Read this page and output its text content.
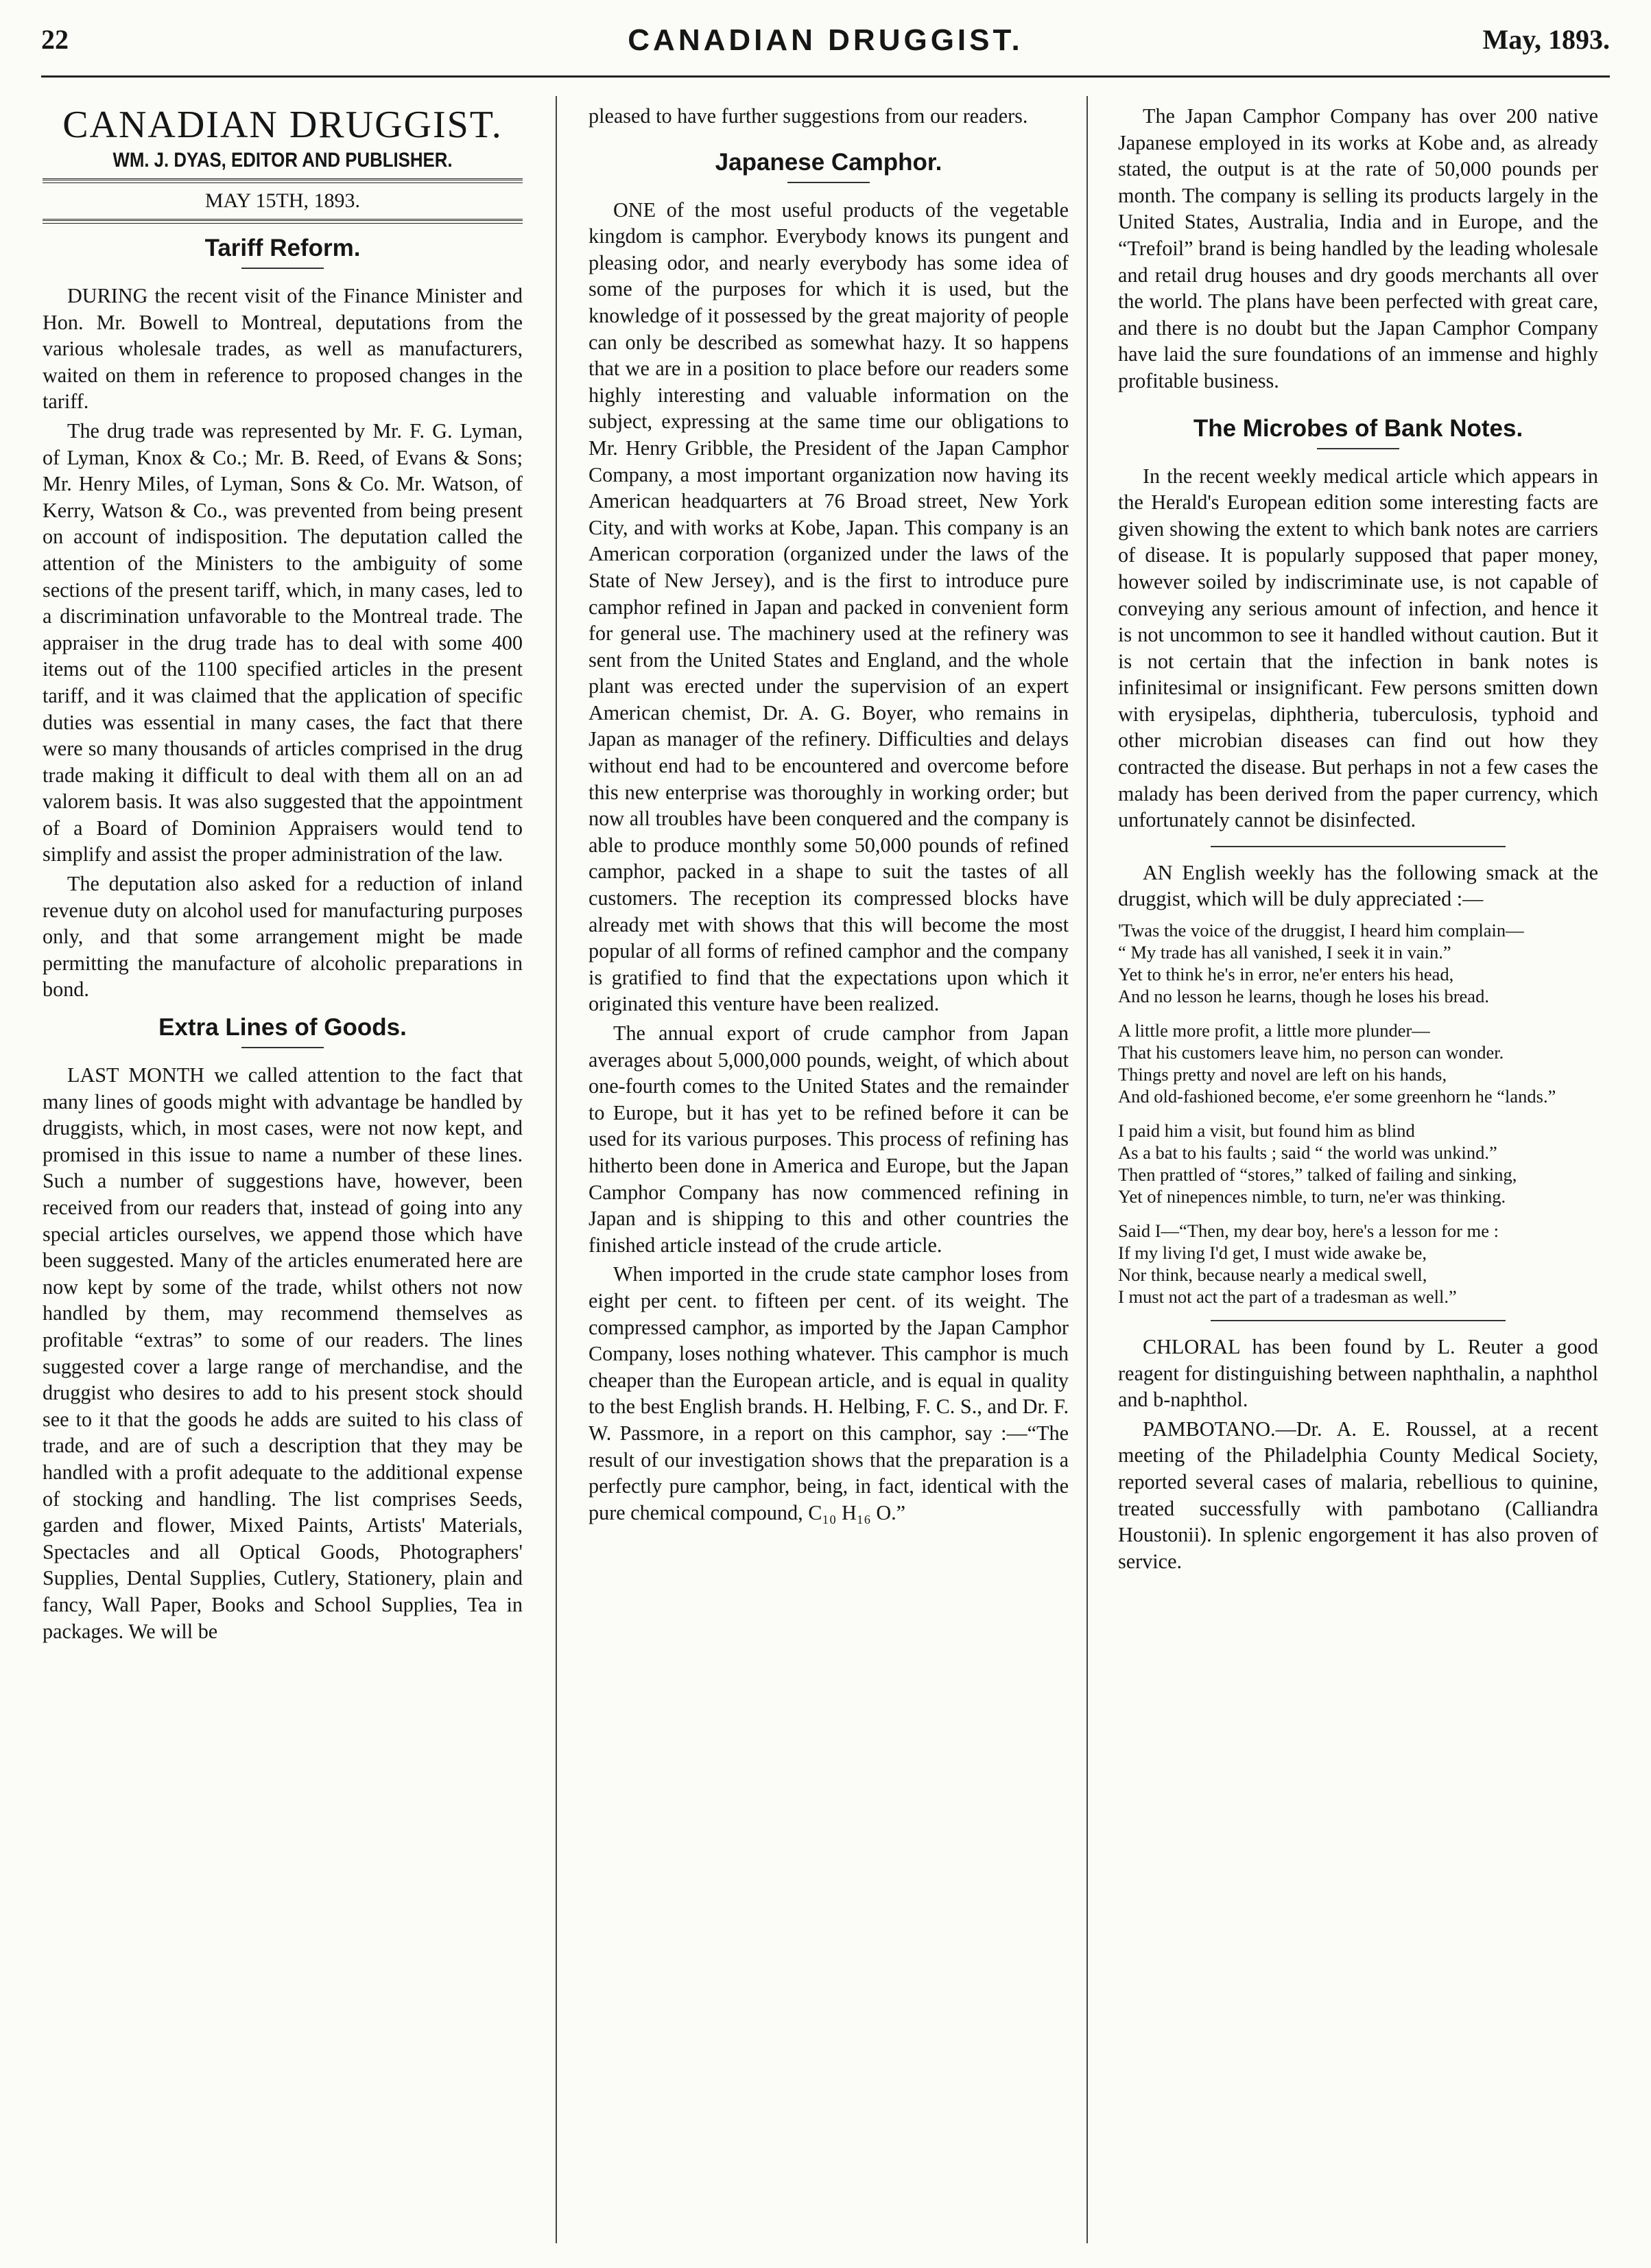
22	CANADIAN DRUGGIST.	May, 1893.
CANADIAN DRUGGIST.
WM. J. DYAS, EDITOR AND PUBLISHER.
MAY 15TH, 1893.
Tariff Reform.

DURING the recent visit of the Finance Minister and Hon. Mr. Bowell to Montreal, deputations from the various wholesale trades, as well as manufacturers, waited on them in reference to proposed changes in the tariff.

The drug trade was represented by Mr. F. G. Lyman, of Lyman, Knox & Co.; Mr. B. Reed, of Evans & Sons; Mr. Henry Miles, of Lyman, Sons & Co. Mr. Watson, of Kerry, Watson & Co., was prevented from being present on account of indisposition. The deputation called the attention of the Ministers to the ambiguity of some sections of the present tariff, which, in many cases, led to a discrimination unfavorable to the Montreal trade. The appraiser in the drug trade has to deal with some 400 items out of the 1100 specified articles in the present tariff, and it was claimed that the application of specific duties was essential in many cases, the fact that there were so many thousands of articles comprised in the drug trade making it difficult to deal with them all on an ad valorem basis. It was also suggested that the appointment of a Board of Dominion Appraisers would tend to simplify and assist the proper administration of the law.

The deputation also asked for a reduction of inland revenue duty on alcohol used for manufacturing purposes only, and that some arrangement might be made permitting the manufacture of alcoholic preparations in bond.

Extra Lines of Goods.

LAST MONTH we called attention to the fact that many lines of goods might with advantage be handled by druggists, which, in most cases, were not now kept, and promised in this issue to name a number of these lines. Such a number of suggestions have, however, been received from our readers that, instead of going into any special articles ourselves, we append those which have been suggested. Many of the articles enumerated here are now kept by some of the trade, whilst others not now handled by them, may recommend themselves as profitable “extras” to some of our readers. The lines suggested cover a large range of merchandise, and the druggist who desires to add to his present stock should see to it that the goods he adds are suited to his class of trade, and are of such a description that they may be handled with a profit adequate to the additional expense of stocking and handling. The list comprises Seeds, garden and flower, Mixed Paints, Artists' Materials, Spectacles and all Optical Goods, Photographers' Supplies, Dental Supplies, Cutlery, Stationery, plain and fancy, Wall Paper, Books and School Supplies, Tea in packages. We will be

pleased to have further suggestions from our readers.

Japanese Camphor.

ONE of the most useful products of the vegetable kingdom is camphor. Everybody knows its pungent and pleasing odor, and nearly everybody has some idea of some of the purposes for which it is used, but the knowledge of it possessed by the great majority of people can only be described as somewhat hazy. It so happens that we are in a position to place before our readers some highly interesting and valuable information on the subject, expressing at the same time our obligations to Mr. Henry Gribble, the President of the Japan Camphor Company, a most important organization now having its American headquarters at 76 Broad street, New York City, and with works at Kobe, Japan. This company is an American corporation (organized under the laws of the State of New Jersey), and is the first to introduce pure camphor refined in Japan and packed in convenient form for general use. The machinery used at the refinery was sent from the United States and England, and the whole plant was erected under the supervision of an expert American chemist, Dr. A. G. Boyer, who remains in Japan as manager of the refinery. Difficulties and delays without end had to be encountered and overcome before this new enterprise was thoroughly in working order; but now all troubles have been conquered and the company is able to produce monthly some 50,000 pounds of refined camphor, packed in a shape to suit the tastes of all customers. The reception its compressed blocks have already met with shows that this will become the most popular of all forms of refined camphor and the company is gratified to find that the expectations upon which it originated this venture have been realized.

The annual export of crude camphor from Japan averages about 5,000,000 pounds, weight, of which about one-fourth comes to the United States and the remainder to Europe, but it has yet to be refined before it can be used for its various purposes. This process of refining has hitherto been done in America and Europe, but the Japan Camphor Company has now commenced refining in Japan and is shipping to this and other countries the finished article instead of the crude article.

When imported in the crude state camphor loses from eight per cent. to fifteen per cent. of its weight. The compressed camphor, as imported by the Japan Camphor Company, loses nothing whatever. This camphor is much cheaper than the European article, and is equal in quality to the best English brands. H. Helbing, F. C. S., and Dr. F. W. Passmore, in a report on this camphor, say :—“The result of our investigation shows that the preparation is a perfectly pure camphor, being, in fact, identical with the pure chemical compound, C₁₀ H₁₆ O.”

The Japan Camphor Company has over 200 native Japanese employed in its works at Kobe and, as already stated, the output is at the rate of 50,000 pounds per month. The company is selling its products largely in the United States, Australia, India and in Europe, and the “Trefoil” brand is being handled by the leading wholesale and retail drug houses and dry goods merchants all over the world. The plans have been perfected with great care, and there is no doubt but the Japan Camphor Company have laid the sure foundations of an immense and highly profitable business.

The Microbes of Bank Notes.

In the recent weekly medical article which appears in the Herald's European edition some interesting facts are given showing the extent to which bank notes are carriers of disease. It is popularly supposed that paper money, however soiled by indiscriminate use, is not capable of conveying any serious amount of infection, and hence it is not uncommon to see it handled without caution. But it is not certain that the infection in bank notes is infinitesimal or insignificant. Few persons smitten down with erysipelas, diphtheria, tuberculosis, typhoid and other microbian diseases can find out how they contracted the disease. But perhaps in not a few cases the malady has been derived from the paper currency, which unfortunately cannot be disinfected.

AN English weekly has the following smack at the druggist, which will be duly appreciated :—

'Twas the voice of the druggist, I heard him complain—
“ My trade has all vanished, I seek it in vain.”
Yet to think he's in error, ne'er enters his head,
And no lesson he learns, though he loses his bread.
A little more profit, a little more plunder—
That his customers leave him, no person can wonder.
Things pretty and novel are left on his hands,
And old-fashioned become, e'er some greenhorn he “lands.”
I paid him a visit, but found him as blind
As a bat to his faults ; said “ the world was unkind.”
Then prattled of “stores,” talked of failing and sinking,
Yet of ninepences nimble, to turn, ne'er was thinking.
Said I—“Then, my dear boy, here's a lesson for me :
If my living I'd get, I must wide awake be,
Nor think, because nearly a medical swell,
I must not act the part of a tradesman as well.”

CHLORAL has been found by L. Reuter a good reagent for distinguishing between naphthalin, a naphthol and b-naphthol.

PAMBOTANO.—Dr. A. E. Roussel, at a recent meeting of the Philadelphia County Medical Society, reported several cases of malaria, rebellious to quinine, treated successfully with pambotano (Calliandra Houstonii). In splenic engorgement it has also proven of service.
